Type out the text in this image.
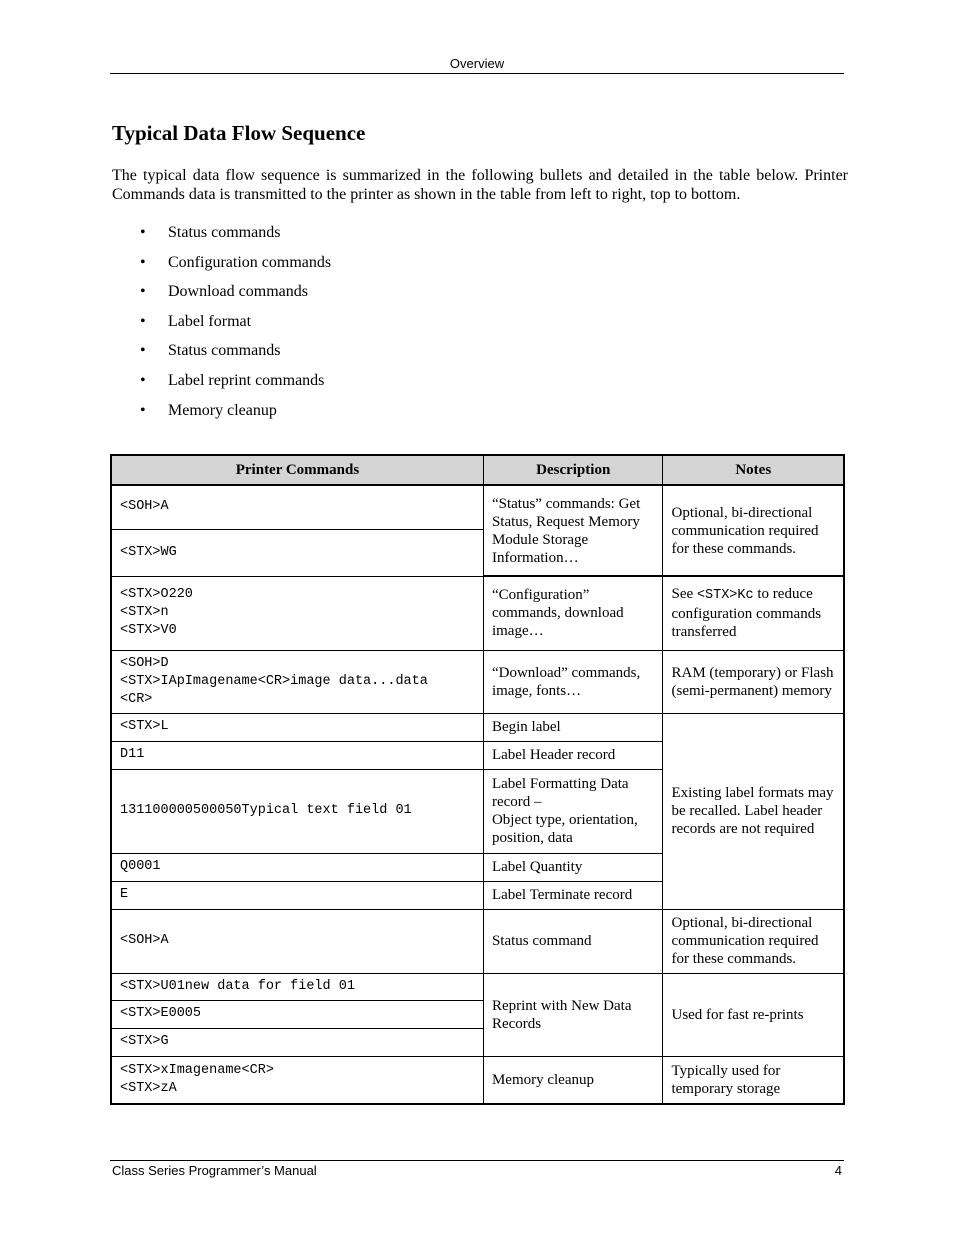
Overview
Typical Data Flow Sequence

The typical data flow sequence is summarized in the following bullets and detailed in the table below. Printer Commands data is transmitted to the printer as shown in the table from left to right, top to bottom.

•	Status commands
•	Configuration commands
•	Download commands
•	Label format
•	Status commands
•	Label reprint commands
•	Memory cleanup
Printer Commands	Description	Notes
<SOH>A	“Status” commands: Get Status, Request Memory Module Storage Information…	Optional, bi-directional communication required for these commands.
<STX>WG		

<STX>O220
<STX>n
<STX>V0	“Configuration” commands, download image…	See <STX>Kc to reduce configuration commands transferred

<SOH>D
<STX>IApImagename<CR>image data...data
<CR>	“Download” commands, image, fonts…	RAM (temporary) or Flash (semi-permanent) memory
<STX>L	Begin label	Existing label formats may be recalled. Label header records are not required
D11	Label Header record	
131100000500050Typical text field 01	Label Formatting Data record –
Object type, orientation, position, data	

Q0001	Label Quantity	
E	Label Terminate record	
<SOH>A	Status command	Optional, bi-directional communication required for these commands.
<STX>U01new data for field 01	Reprint with New Data Records	Used for fast re-prints
<STX>E0005		
<STX>G		

<STX>xImagename<CR>
<STX>zA	Memory cleanup	Typically used for temporary storage
Class Series Programmer’s Manual	4
